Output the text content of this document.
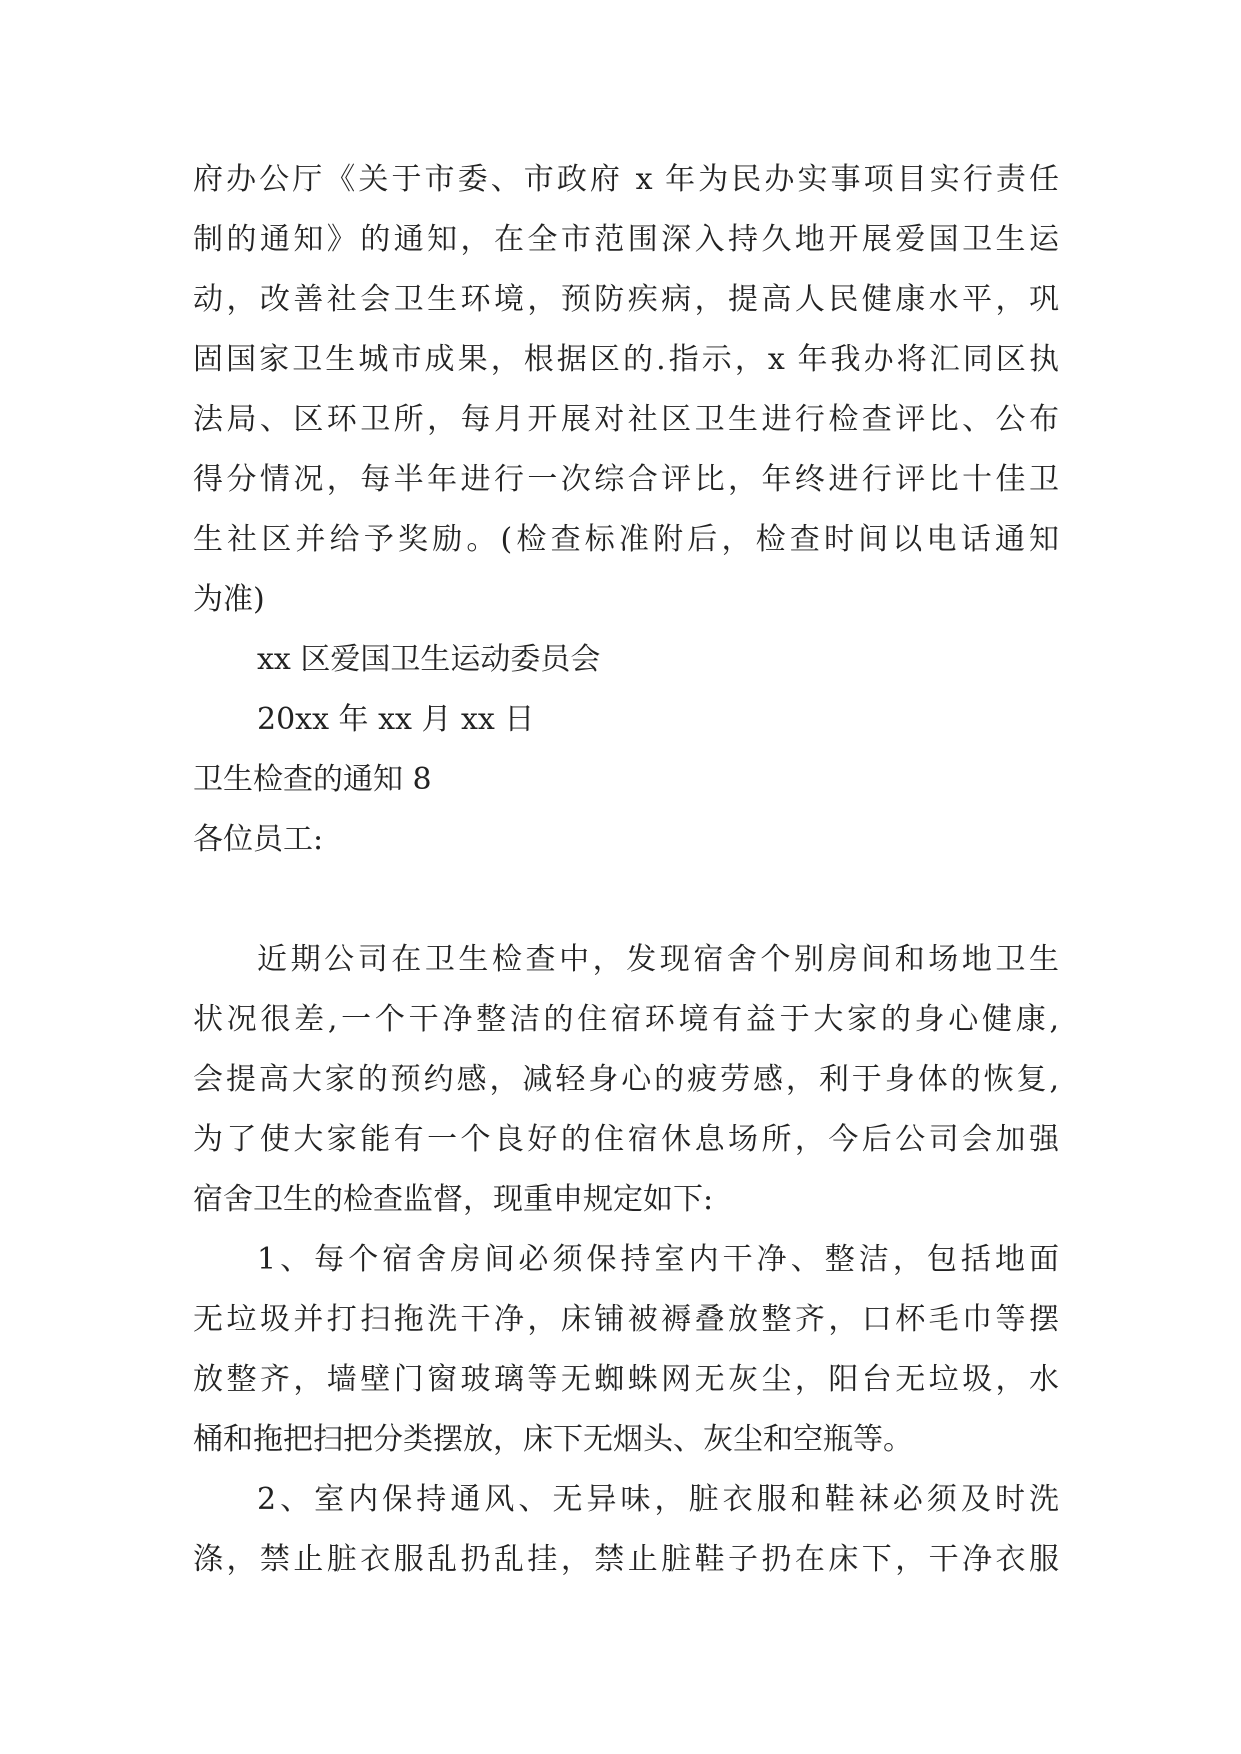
府办公厅《关于市委、市政府 x 年为民办实事项目实行责任
制的通知》的通知，在全市范围深入持久地开展爱国卫生运
动，改善社会卫生环境，预防疾病，提高人民健康水平，巩
固国家卫生城市成果，根据区的.指示，x 年我办将汇同区执
法局、区环卫所，每月开展对社区卫生进行检查评比、公布
得分情况，每半年进行一次综合评比，年终进行评比十佳卫
生社区并给予奖励。(检查标准附后，检查时间以电话通知
为准)
xx 区爱国卫生运动委员会
20xx 年 xx 月 xx 日
卫生检查的通知 8
各位员工:
近期公司在卫生检查中，发现宿舍个别房间和场地卫生
状况很差,一个干净整洁的住宿环境有益于大家的身心健康,
会提高大家的预约感，减轻身心的疲劳感，利于身体的恢复,
为了使大家能有一个良好的住宿休息场所，今后公司会加强
宿舍卫生的检查监督，现重申规定如下:
1、每个宿舍房间必须保持室内干净、整洁，包括地面
无垃圾并打扫拖洗干净，床铺被褥叠放整齐，口杯毛巾等摆
放整齐，墙壁门窗玻璃等无蜘蛛网无灰尘，阳台无垃圾，水
桶和拖把扫把分类摆放，床下无烟头、灰尘和空瓶等。
2、室内保持通风、无异味，脏衣服和鞋袜必须及时洗
涤，禁止脏衣服乱扔乱挂，禁止脏鞋子扔在床下，干净衣服
